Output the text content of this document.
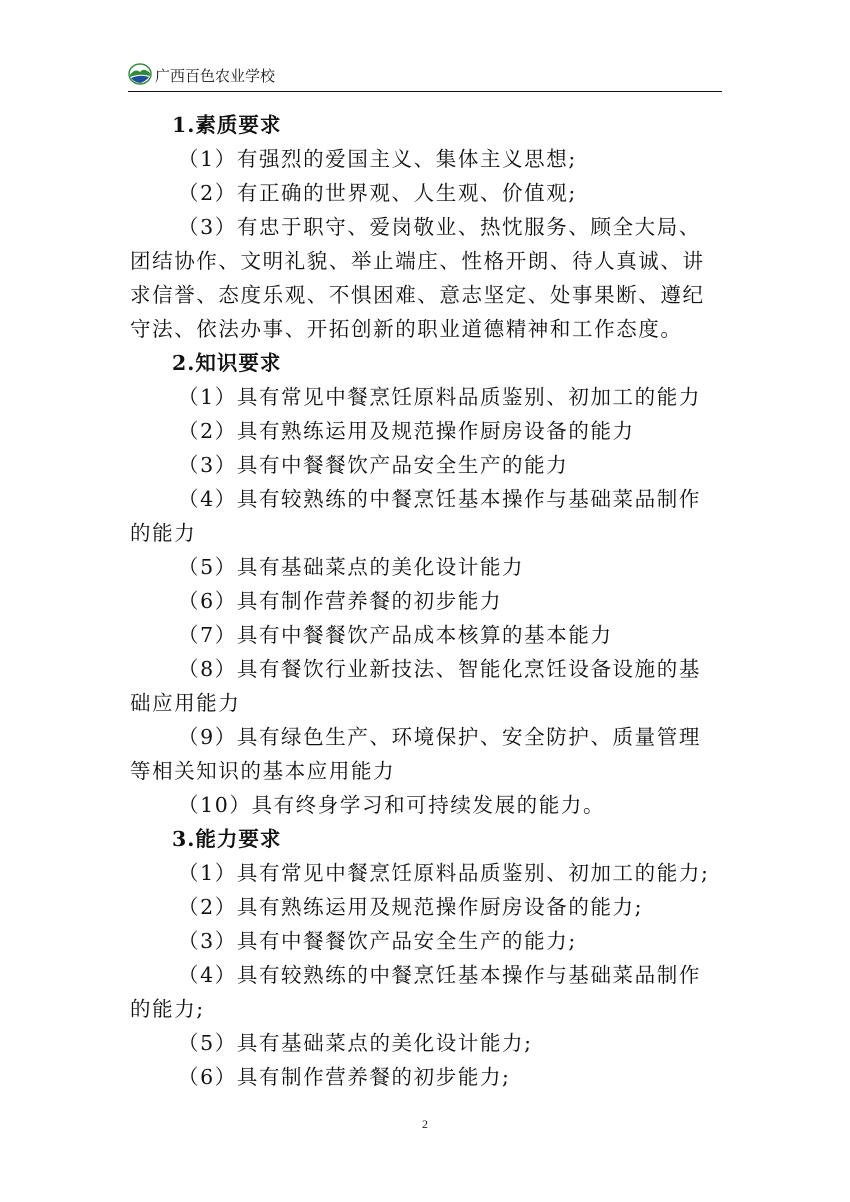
广西百色农业学校
1.素质要求
（1）有强烈的爱国主义、集体主义思想;
（2）有正确的世界观、人生观、价值观;
（3）有忠于职守、爱岗敬业、热忱服务、顾全大局、
团结协作、文明礼貌、举止端庄、性格开朗、待人真诚、讲
求信誉、态度乐观、不惧困难、意志坚定、处事果断、遵纪
守法、依法办事、开拓创新的职业道德精神和工作态度。
2.知识要求
（1）具有常见中餐烹饪原料品质鉴别、初加工的能力
（2）具有熟练运用及规范操作厨房设备的能力
（3）具有中餐餐饮产品安全生产的能力
（4）具有较熟练的中餐烹饪基本操作与基础菜品制作
的能力
（5）具有基础菜点的美化设计能力
（6）具有制作营养餐的初步能力
（7）具有中餐餐饮产品成本核算的基本能力
（8）具有餐饮行业新技法、智能化烹饪设备设施的基
础应用能力
（9）具有绿色生产、环境保护、安全防护、质量管理
等相关知识的基本应用能力
（10）具有终身学习和可持续发展的能力。
3.能力要求
（1）具有常见中餐烹饪原料品质鉴别、初加工的能力;
（2）具有熟练运用及规范操作厨房设备的能力;
（3）具有中餐餐饮产品安全生产的能力;
（4）具有较熟练的中餐烹饪基本操作与基础菜品制作
的能力;
（5）具有基础菜点的美化设计能力;
（6）具有制作营养餐的初步能力;
2
